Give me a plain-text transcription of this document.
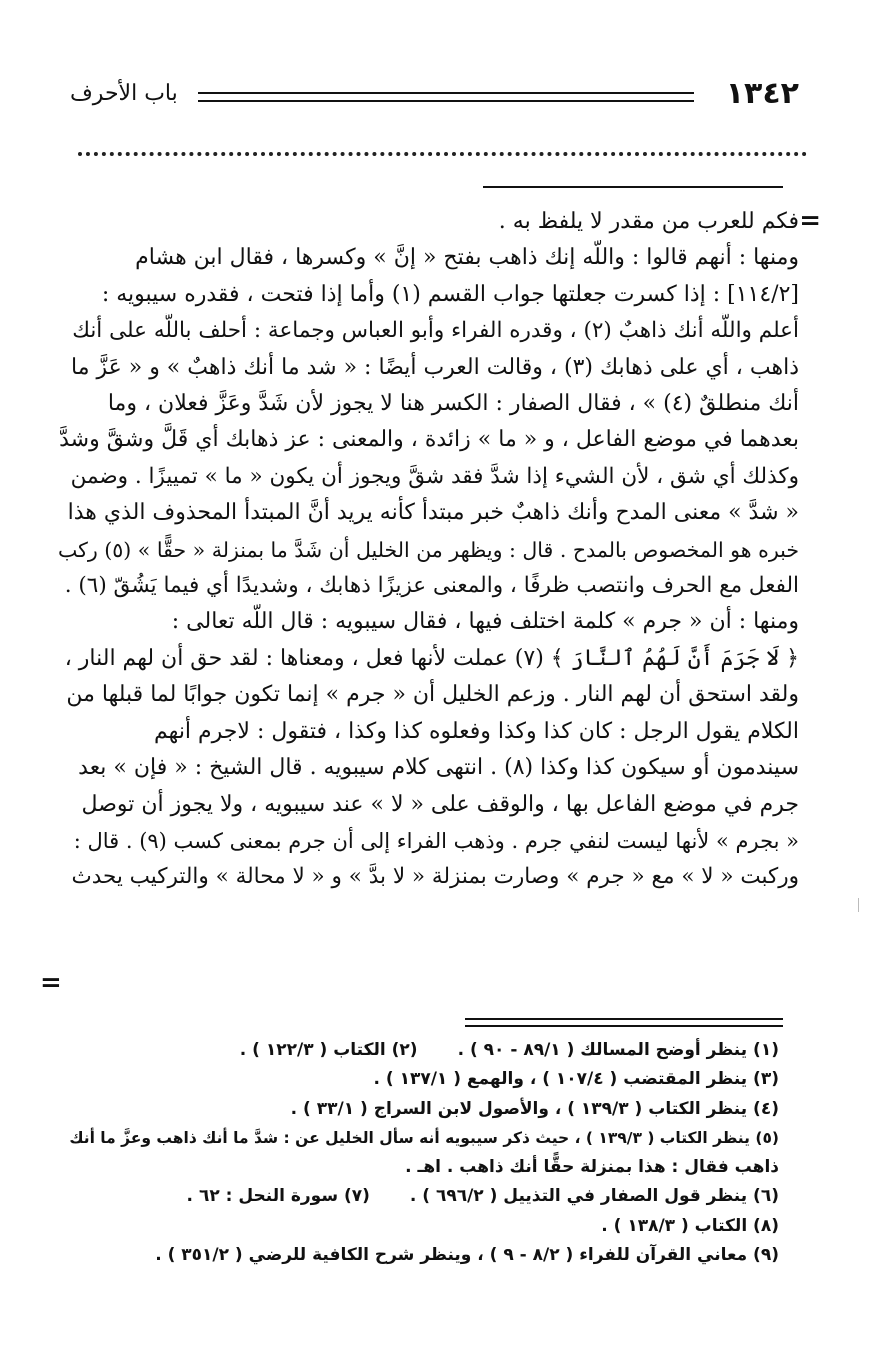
١٣٤٢
باب الأحرف
=
=
فكم للعرب من مقدر لا يلفظ به .
ومنها : أنهم قالوا : واللَّه إنك ذاهب بفتح « إنَّ » وكسرها ، فقال ابن هشام
[١١٤/٢] : إذا كسرت جعلتها جواب القسم (١) وأما إذا فتحت ، فقدره سيبويه :
أعلم واللَّه أنك ذاهبٌ (٢) ، وقدره الفراء وأبو العباس وجماعة : أحلف باللَّه على أنك
ذاهب ، أي على ذهابك (٣) ، وقالت العرب أيضًا : « شد ما أنك ذاهبٌ » و « عَزَّ ما
أنك منطلقٌ (٤) » ، فقال الصفار : الكسر هنا لا يجوز لأن شَدَّ وعَزَّ فعلان ، وما
بعدهما في موضع الفاعل ، و « ما » زائدة ، والمعنى : عز ذهابك أي قَلَّ وشقَّ وشدَّ
وكذلك أي شق ، لأن الشيء إذا شدَّ فقد شقَّ ويجوز أن يكون « ما » تمييزًا . وضمن
« شدَّ » معنى المدح وأنك ذاهبٌ خبر مبتدأ كأنه يريد أنَّ المبتدأ المحذوف الذي هذا
خبره هو المخصوص بالمدح . قال : ويظهر من الخليل أن شَدَّ ما بمنزلة « حقًّا » (٥) ركب
الفعل مع الحرف وانتصب ظرفًا ، والمعنى عزيزًا ذهابك ، وشديدًا أي فيما يَشُقّ (٦) .
ومنها : أن « جرم » كلمة اختلف فيها ، فقال سيبويه : قال اللَّه تعالى :
﴿ لَا جَرَمَ أَنَّ لَهُمُ ٱلنَّارَ ﴾ (٧) عملت لأنها فعل ، ومعناها : لقد حق أن لهم النار ،
ولقد استحق أن لهم النار . وزعم الخليل أن « جرم » إنما تكون جوابًا لما قبلها من
الكلام يقول الرجل : كان كذا وكذا وفعلوه كذا وكذا ، فتقول : لاجرم أنهم
سيندمون أو سيكون كذا وكذا (٨) . انتهى كلام سيبويه . قال الشيخ : « فإن » بعد
جرم في موضع الفاعل بها ، والوقف على « لا » عند سيبويه ، ولا يجوز أن توصل
« بجرم » لأنها ليست لنفي جرم . وذهب الفراء إلى أن جرم بمعنى كسب (٩) . قال :
وركبت « لا » مع « جرم » وصارت بمنزلة « لا بدَّ » و « لا محالة » والتركيب يحدث
(١) ينظر أوضح المسالك ( ٨٩/١ - ٩٠ ) .(٢) الكتاب ( ١٢٢/٣ ) .
(٣) ينظر المقتضب ( ١٠٧/٤ ) ، والهمع ( ١٣٧/١ ) .
(٤) ينظر الكتاب ( ١٣٩/٣ ) ، والأصول لابن السراج ( ٣٣/١ ) .
(٥) ينظر الكتاب ( ١٣٩/٣ ) ، حيث ذكر سيبويه أنه سأل الخليل عن : شدَّ ما أنك ذاهب وعزَّ ما أنك
ذاهب فقال : هذا بمنزلة حقًّا أنك ذاهب . اهـ .
(٦) ينظر قول الصفار في التذييل ( ٦٩٦/٢ ) .(٧) سورة النحل : ٦٢ .
(٨) الكتاب ( ١٣٨/٣ ) .
(٩) معاني القرآن للفراء ( ٨/٢ - ٩ ) ، وينظر شرح الكافية للرضي ( ٣٥١/٢ ) .
